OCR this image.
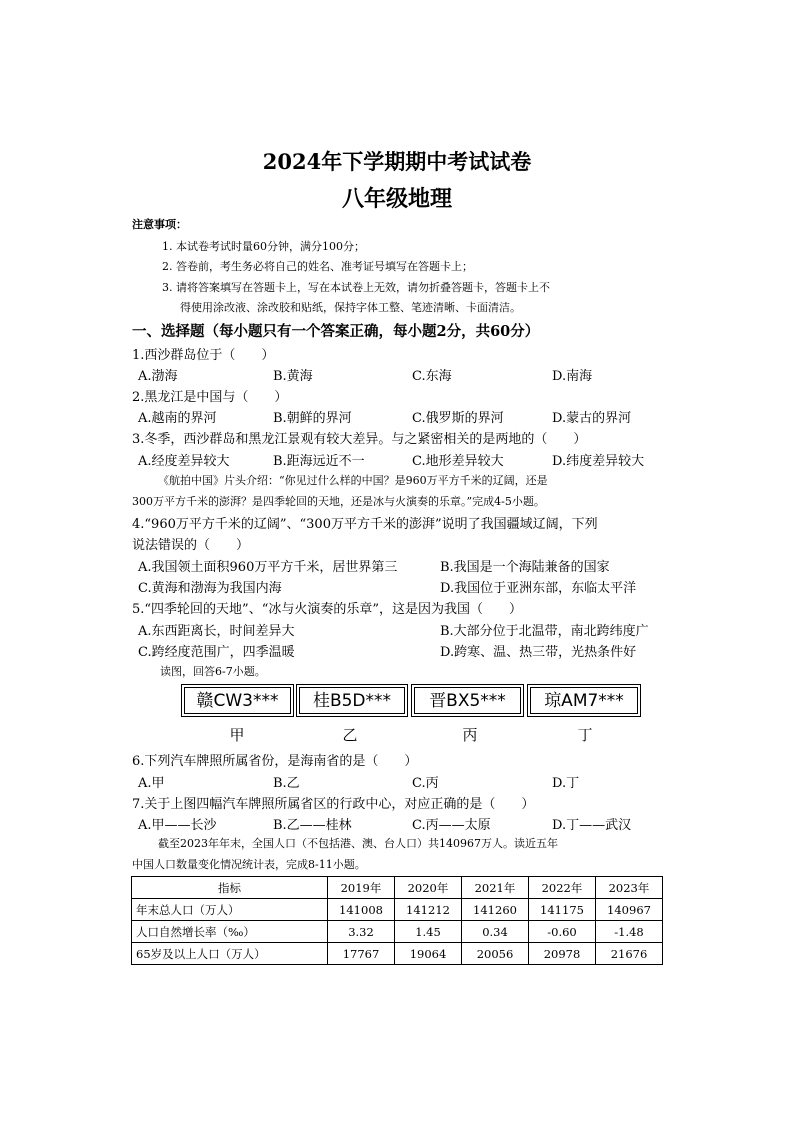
2024年下学期期中考试试卷
八年级地理
注意事项：
1. 本试卷考试时量60分钟，满分100分；
2. 答卷前，考生务必将自己的姓名、准考证号填写在答题卡上；
3. 请将答案填写在答题卡上，写在本试卷上无效，请勿折叠答题卡，答题卡上不
得使用涂改液、涂改胶和贴纸，保持字体工整、笔迹清晰、卡面清洁。
一、选择题（每小题只有一个答案正确，每小题2分，共60分）
1.西沙群岛位于（　　）
A.渤海	B.黄海	C.东海	D.南海
2.黑龙江是中国与（　　）
A.越南的界河	B.朝鲜的界河	C.俄罗斯的界河	D.蒙古的界河
3.冬季，西沙群岛和黑龙江景观有较大差异。与之紧密相关的是两地的（　　）
A.经度差异较大	B.距海远近不一	C.地形差异较大	D.纬度差异较大
《航拍中国》片头介绍：“你见过什么样的中国？是960万平方千米的辽阔，还是
300万平方千米的澎湃？是四季轮回的天地，还是冰与火演奏的乐章。”完成4-5小题。
4.“960万平方千米的辽阔”、“300万平方千米的澎湃”说明了我国疆域辽阔，下列
说法错误的（　　）
A.我国领土面积960万平方千米，居世界第三	B.我国是一个海陆兼备的国家
C.黄海和渤海为我国内海	D.我国位于亚洲东部，东临太平洋
5.“四季轮回的天地”、“冰与火演奏的乐章”，这是因为我国（　　）
A.东西距离长，时间差异大	B.大部分位于北温带，南北跨纬度广
C.跨经度范围广，四季温暖	D.跨寒、温、热三带，光热条件好
读图，回答6-7小题。
赣CW3***	桂B5D***	晋BX5***	琼AM7***
甲	乙	丙	丁
6.下列汽车牌照所属省份，是海南省的是（　　）
A.甲	B.乙	C.丙	D.丁
7.关于上图四幅汽车牌照所属省区的行政中心，对应正确的是（　　）
A.甲——长沙	B.乙——桂林	C.丙——太原	D.丁——武汉
截至2023年年末，全国人口（不包括港、澳、台人口）共140967万人。读近五年
中国人口数量变化情况统计表，完成8-11小题。
指标	2019年	2020年	2021年	2022年	2023年
年末总人口（万人）	141008	141212	141260	141175	140967
人口自然增长率（‰）	3.32	1.45	0.34	-0.60	-1.48
65岁及以上人口（万人）	17767	19064	20056	20978	21676
